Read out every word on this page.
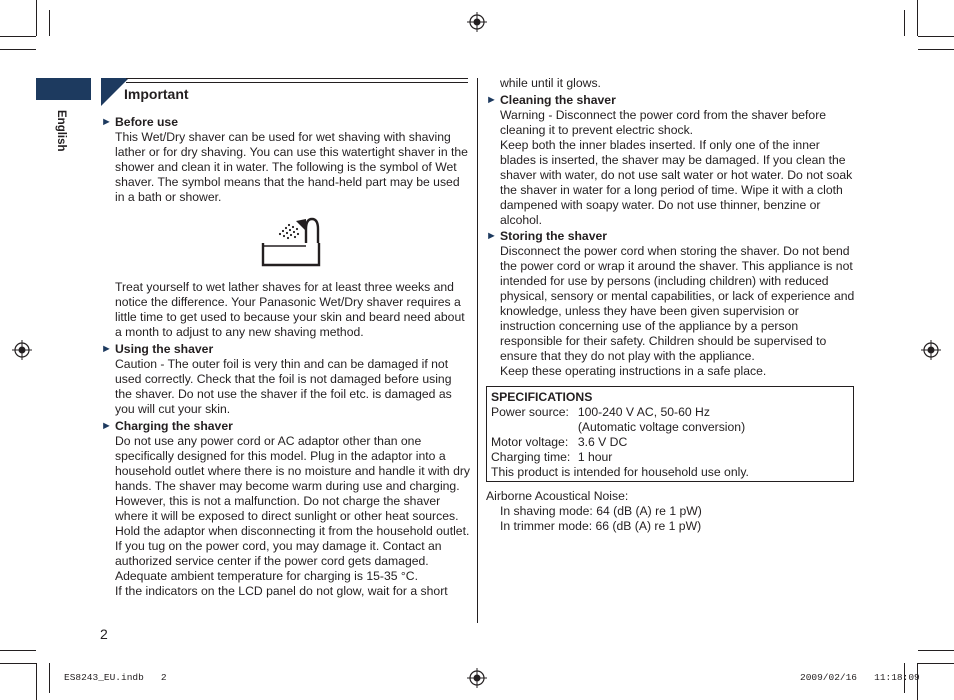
English
Important
► Before use

This Wet/Dry shaver can be used for wet shaving with shaving lather or for dry shaving. You can use this watertight shaver in the shower and clean it in water. The following is the symbol of Wet shaver. The symbol means that the hand-held part may be used in a bath or shower.

Treat yourself to wet lather shaves for at least three weeks and notice the difference. Your Panasonic Wet/Dry shaver requires a little time to get used to because your skin and beard need about a month to adjust to any new shaving method.

► Using the shaver

Caution - The outer foil is very thin and can be damaged if not used correctly. Check that the foil is not damaged before using the shaver. Do not use the shaver if the foil etc. is damaged as you will cut your skin.

► Charging the shaver

Do not use any power cord or AC adaptor other than one specifically designed for this model. Plug in the adaptor into a household outlet where there is no moisture and handle it with dry hands. The shaver may become warm during use and charging. However, this is not a malfunction. Do not charge the shaver where it will be exposed to direct sunlight or other heat sources. Hold the adaptor when disconnecting it from the household outlet. If you tug on the power cord, you may damage it. Contact an authorized service center if the power cord gets damaged.

Adequate ambient temperature for charging is 15-35 °C.

If the indicators on the LCD panel do not glow, wait for a short

2
while until it glows.
► Cleaning the shaver

Warning - Disconnect the power cord from the shaver before cleaning it to prevent electric shock.

Keep both the inner blades inserted. If only one of the inner blades is inserted, the shaver may be damaged. If you clean the shaver with water, do not use salt water or hot water. Do not soak the shaver in water for a long period of time. Wipe it with a cloth dampened with soapy water. Do not use thinner, benzine or alcohol.

► Storing the shaver

Disconnect the power cord when storing the shaver. Do not bend the power cord or wrap it around the shaver. This appliance is not intended for use by persons (including children) with reduced physical, sensory or mental capabilities, or lack of experience and knowledge, unless they have been given supervision or instruction concerning use of the appliance by a person responsible for their safety. Children should be supervised to ensure that they do not play with the appliance.

Keep these operating instructions in a safe place.

SPECIFICATIONS
Power source:	100-240 V AC, 50-60 Hz
	(Automatic voltage conversion)
Motor voltage:	3.6 V DC
Charging time:	1 hour
This product is intended for household use only.	
Airborne Acoustical Noise:
In shaving mode: 64 (dB (A) re 1 pW)
In trimmer mode: 66 (dB (A) re 1 pW)
ES8243_EU.indb   2	2009/02/16   11:18:09
